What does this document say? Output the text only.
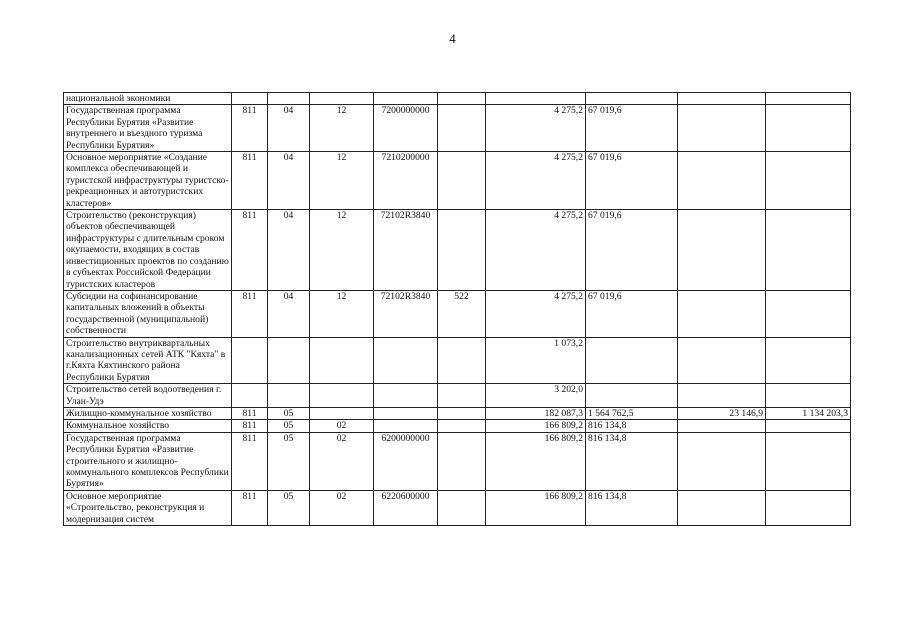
4
национальной экономики									
Государственная программа Республики Бурятия «Развитие внутреннего и въездного туризма Республики Бурятия»	811	04	12	7200000000		4 275,2	67 019,6		
Основное мероприятие «Создание комплекса обеспечивающей и туристской инфраструктуры туристско-рекреационных и автотуристских кластеров»	811	04	12	7210200000		4 275,2	67 019,6		
Строительство (реконструкция) объектов обеспечивающей инфраструктуры с длительным сроком окупаемости, входящих в состав инвестиционных проектов по созданию в субъектах Российской Федерации туристских кластеров	811	04	12	72102R3840		4 275,2	67 019,6		
Субсидии на софинансирование капитальных вложений в объекты государственной (муниципальной) собственности	811	04	12	72102R3840	522	4 275,2	67 019,6		
Строительство внутриквартальных канализационных сетей АТК "Кяхта" в г.Кяхта Кяхтинского района Республики Бурятия						1 073,2			
Строительство сетей водоотведения г. Улан-Удэ						3 202,0			
Жилищно-коммунальное хозяйство	811	05				182 087,3	1 564 762,5	23 146,9	1 134 203,3
Коммунальное хозяйство	811	05	02			166 809,2	816 134,8		
Государственная программа Республики Бурятия «Развитие строительного и жилищно-коммунального комплексов Республики Бурятия»	811	05	02	6200000000		166 809,2	816 134,8		
Основное мероприятие «Строительство, реконструкция и модернизация систем	811	05	02	6220600000		166 809,2	816 134,8		
